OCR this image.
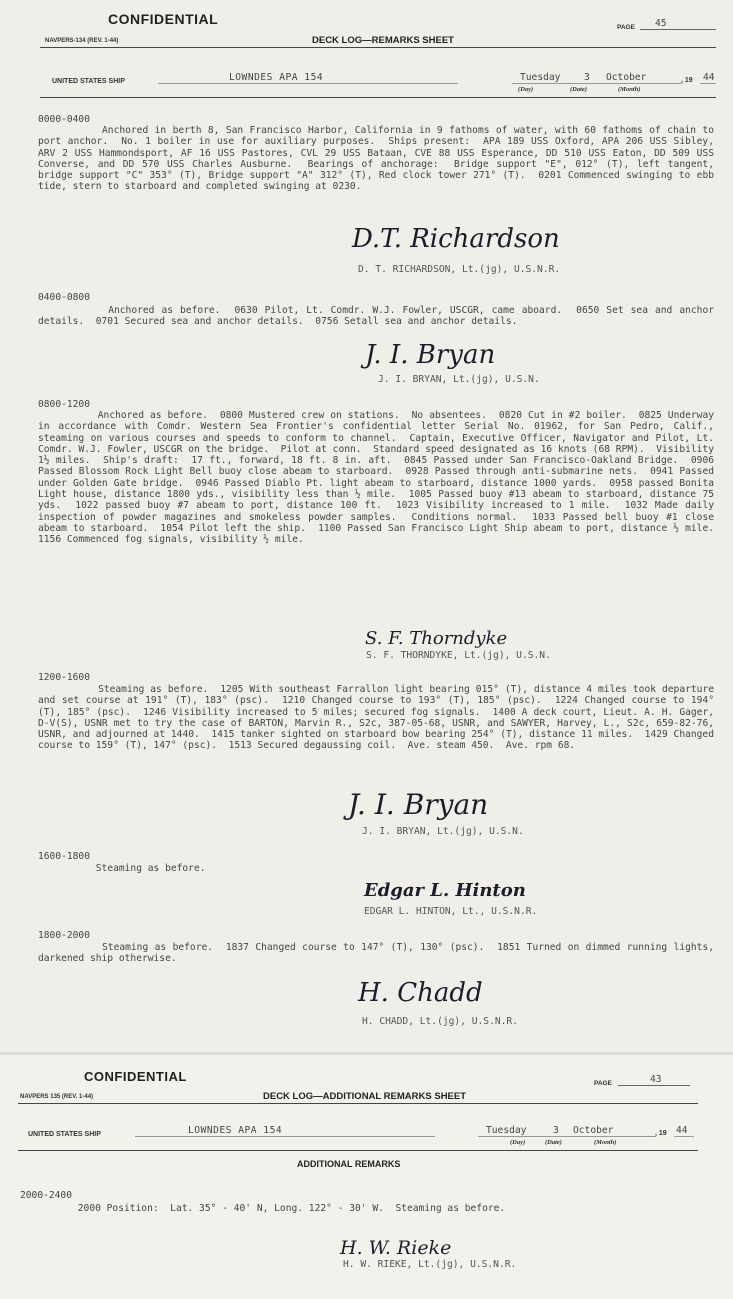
CONFIDENTIAL
NAVPERS-134 (REV. 1-44)	DECK LOG—REMARKS SHEET
PAGE 45
UNITED STATES SHIP	LOWNDES APA 154	Tuesday 3 October	, 19 44
(Day)	(Date)	(Month)
0000-0400
Anchored in berth 8, San Francisco Harbor, California in 9 fathoms of water, with 60 fathoms of chain to port anchor.  No. 1 boiler in use for auxiliary purposes.  Ships present:  APA 189 USS Oxford, APA 206 USS Sibley, ARV 2 USS Hammondsport, AF 16 USS Pastores, CVL 29 USS Bataan, CVE 88 USS Esperance, DD 510 USS Eaton, DD 509 USS Converse, and DD 570 USS Charles Ausburne.  Bearings of anchorage:  Bridge support "E", 012° (T), left tangent, bridge support "C" 353° (T), Bridge support "A" 312° (T), Red clock tower 271° (T).  0201 Commenced swinging to ebb tide, stern to starboard and completed swinging at 0230.
D.T. Richardson
D. T. RICHARDSON, Lt.(jg), U.S.N.R.
0400-0800
Anchored as before.  0630 Pilot, Lt. Comdr. W.J. Fowler, USCGR, came aboard.  0650 Set sea and anchor details.  0701 Secured sea and anchor details.  0756 Setall sea and anchor details.
J. I. Bryan
J. I. BRYAN, Lt.(jg), U.S.N.
0800-1200
Anchored as before.  0800 Mustered crew on stations.  No absentees.  0820 Cut in #2 boiler.  0825 Underway in accordance with Comdr. Western Sea Frontier's confidential letter Serial No. 01962, for San Pedro, Calif., steaming on various courses and speeds to conform to channel.  Captain, Executive Officer, Navigator and Pilot, Lt. Comdr. W.J. Fowler, USCGR on the bridge.  Pilot at conn.  Standard speed designated as 16 knots (68 RPM).  Visibility 1½ miles.  Ship's draft:  17 ft., forward, 18 ft. 8 in. aft.  0845 Passed under San Francisco-Oakland Bridge.  0906 Passed Blossom Rock Light Bell buoy close abeam to starboard.  0928 Passed through anti-submarine nets.  0941 Passed under Golden Gate bridge.  0946 Passed Diablo Pt. light abeam to starboard, distance 1000 yards.  0958 passed Bonita Light house, distance 1800 yds., visibility less than ½ mile.  1005 Passed buoy #13 abeam to starboard, distance 75 yds.  1022 passed buoy #7 abeam to port, distance 100 ft.  1023 Visibility increased to 1 mile.  1032 Made daily inspection of powder magazines and smokeless powder samples.  Conditions normal.  1033 Passed bell buoy #1 close abeam to starboard.  1054 Pilot left the ship.  1100 Passed San Francisco Light Ship abeam to port, distance ½ mile.  1156 Commenced fog signals, visibility ½ mile.
S. F. Thorndyke
S. F. THORNDYKE, Lt.(jg), U.S.N.
1200-1600
Steaming as before.  1205 With southeast Farrallon light bearing 015° (T), distance 4 miles took departure and set course at 191° (T), 183° (psc).  1210 Changed course to 193° (T), 185° (psc).  1224 Changed course to 194° (T), 185° (psc).  1246 Visibility increased to 5 miles; secured fog signals.  1400 A deck court, Lieut. A. H. Gager, D-V(S), USNR met to try the case of BARTON, Marvin R., S2c, 387-05-68, USNR, and SAWYER, Harvey, L., S2c, 659-82-76, USNR, and adjourned at 1440.  1415 tanker sighted on starboard bow bearing 254° (T), distance 11 miles.  1429 Changed course to 159° (T), 147° (psc).  1513 Secured degaussing coil.  Ave. steam 450.  Ave. rpm 68.
J. I. Bryan
J. I. BRYAN, Lt.(jg), U.S.N.
1600-1800
Steaming as before.
Edgar L. Hinton
EDGAR L. HINTON, Lt., U.S.N.R.
1800-2000
Steaming as before.  1837 Changed course to 147° (T), 130° (psc).  1851 Turned on dimmed running lights, darkened ship otherwise.
H. Chadd
H. CHADD, Lt.(jg), U.S.N.R.
CONFIDENTIAL
NAVPERS 135 (REV. 1-44)	DECK LOG—ADDITIONAL REMARKS SHEET
PAGE	43
UNITED STATES SHIP	LOWNDES APA 154	Tuesday	3 October	, 19 44
(Day)	(Date)	(Month)
ADDITIONAL REMARKS
2000-2400
2000 Position:  Lat. 35° - 40' N, Long. 122° - 30' W.  Steaming as before.
H. W. Rieke
H. W. RIEKE, Lt.(jg), U.S.N.R.
